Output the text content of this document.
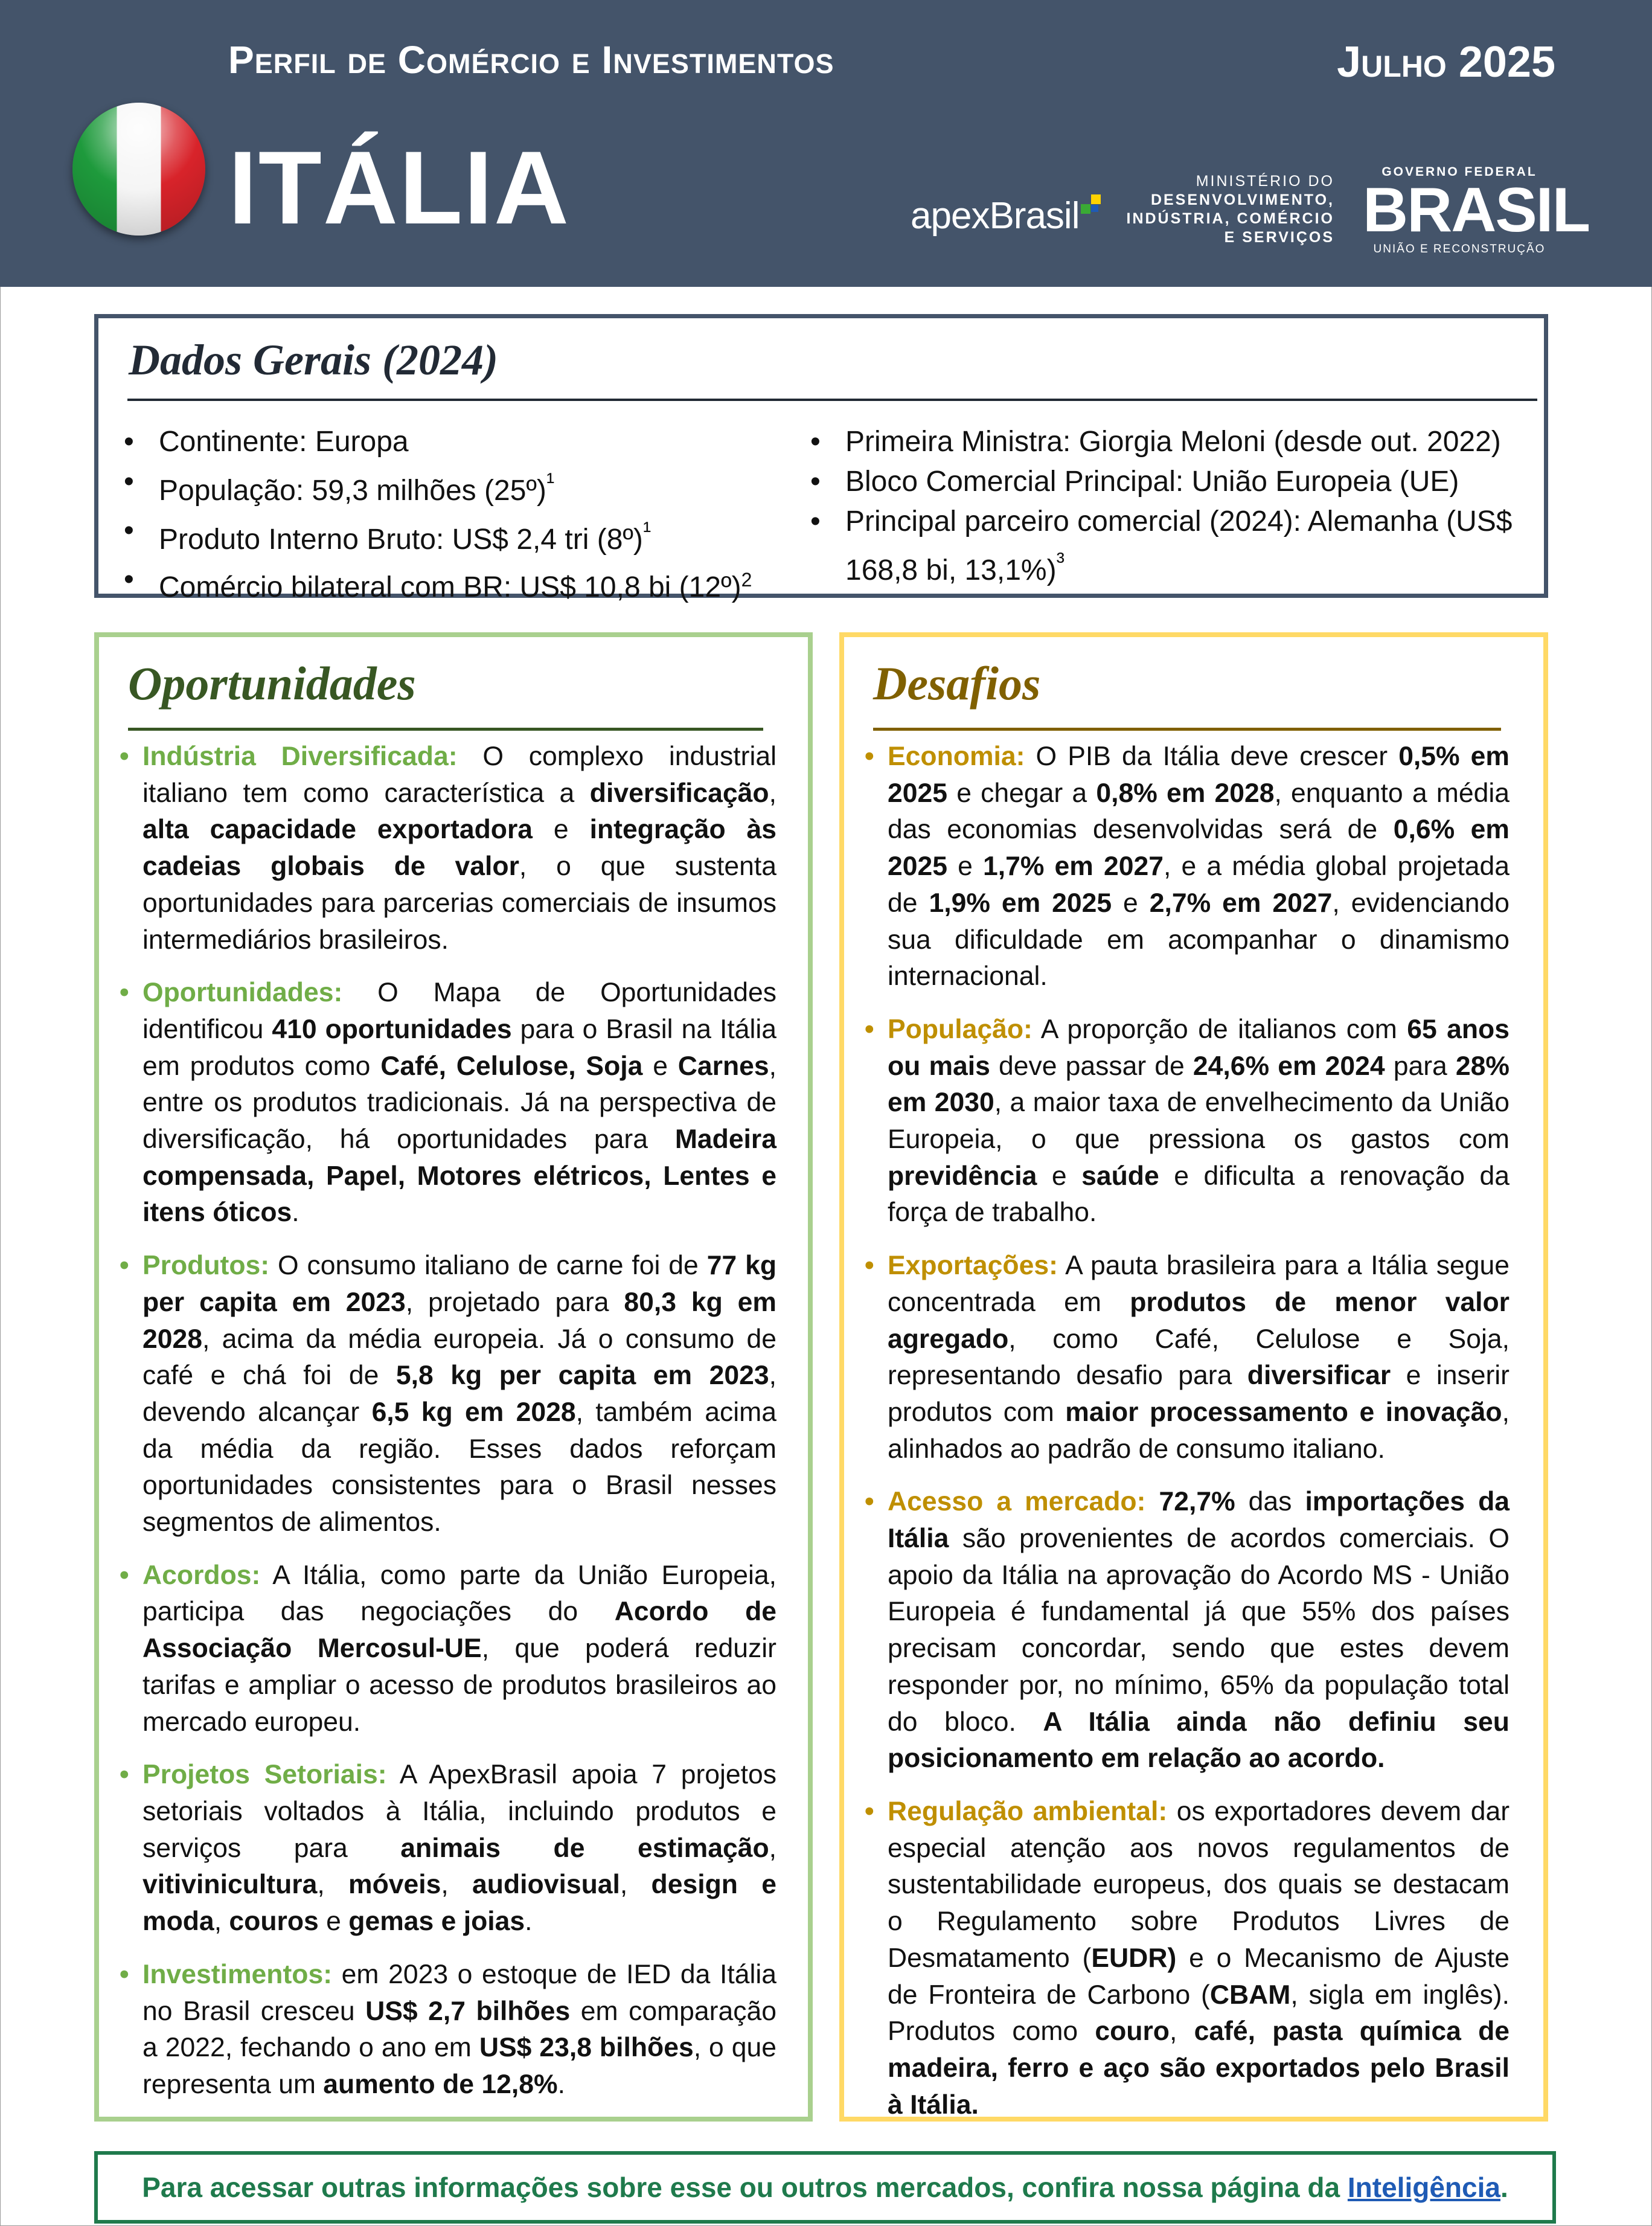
Perfil de Comércio e Investimentos	Julho 2025
ITÁLIA	apexBrasil
MINISTÉRIO DO
DESENVOLVIMENTO,
INDÚSTRIA, COMÉRCIO
E SERVIÇOS
GOVERNO FEDERAL
BRASIL
UNIÃO E RECONSTRUÇÃO
Dados Gerais (2024)
• Continente: Europa
• População: 59,3 milhões (25º)$^{^1}$
• Produto Interno Bruto: US$ 2,4 tri (8º)$^{^1}$
• Comércio bilateral com BR: US$ 10,8 bi (12º)$^2$
• Primeira Ministra: Giorgia Meloni (desde out. 2022)
• Bloco Comercial Principal: União Europeia (UE)
• Principal parceiro comercial (2024): Alemanha (US$ 168,8 bi, 13,1%)$^{^3}$
Oportunidades
• Indústria Diversificada: O complexo industrial italiano tem como característica a diversificação, alta capacidade exportadora e integração às cadeias globais de valor, o que sustenta oportunidades para parcerias comerciais de insumos intermediários brasileiros.
• Oportunidades: O Mapa de Oportunidades identificou 410 oportunidades para o Brasil na Itália em produtos como Café, Celulose, Soja e Carnes, entre os produtos tradicionais. Já na perspectiva de diversificação, há oportunidades para Madeira compensada, Papel, Motores elétricos, Lentes e itens óticos.
• Produtos: O consumo italiano de carne foi de 77 kg per capita em 2023, projetado para 80,3 kg em 2028, acima da média europeia. Já o consumo de café e chá foi de 5,8 kg per capita em 2023, devendo alcançar 6,5 kg em 2028, também acima da média da região. Esses dados reforçam oportunidades consistentes para o Brasil nesses segmentos de alimentos.
• Acordos: A Itália, como parte da União Europeia, participa das negociações do Acordo de Associação Mercosul-UE, que poderá reduzir tarifas e ampliar o acesso de produtos brasileiros ao mercado europeu.
• Projetos Setoriais: A ApexBrasil apoia 7 projetos setoriais voltados à Itália, incluindo produtos e serviços para animais de estimação, vitivinicultura, móveis, audiovisual, design e moda, couros e gemas e joias.
• Investimentos: em 2023 o estoque de IED da Itália no Brasil cresceu US$ 2,7 bilhões em comparação a 2022, fechando o ano em US$ 23,8 bilhões, o que representa um aumento de 12,8%.
Desafios
• Economia: O PIB da Itália deve crescer 0,5% em 2025 e chegar a 0,8% em 2028, enquanto a média das economias desenvolvidas será de 0,6% em 2025 e 1,7% em 2027, e a média global projetada de 1,9% em 2025 e 2,7% em 2027, evidenciando sua dificuldade em acompanhar o dinamismo internacional.
• População: A proporção de italianos com 65 anos ou mais deve passar de 24,6% em 2024 para 28% em 2030, a maior taxa de envelhecimento da União Europeia, o que pressiona os gastos com previdência e saúde e dificulta a renovação da força de trabalho.
• Exportações: A pauta brasileira para a Itália segue concentrada em produtos de menor valor agregado, como Café, Celulose e Soja, representando desafio para diversificar e inserir produtos com maior processamento e inovação, alinhados ao padrão de consumo italiano.
• Acesso a mercado: 72,7% das importações da Itália são provenientes de acordos comerciais. O apoio da Itália na aprovação do Acordo MS - União Europeia é fundamental já que 55% dos países precisam concordar, sendo que estes devem responder por, no mínimo, 65% da população total do bloco. A Itália ainda não definiu seu posicionamento em relação ao acordo.
• Regulação ambiental: os exportadores devem dar especial atenção aos novos regulamentos de sustentabilidade europeus, dos quais se destacam o Regulamento sobre Produtos Livres de Desmatamento (EUDR) e o Mecanismo de Ajuste de Fronteira de Carbono (CBAM, sigla em inglês). Produtos como couro, café, pasta química de madeira, ferro e aço são exportados pelo Brasil à Itália.
Para acessar outras informações sobre esse ou outros mercados, confira nossa página da Inteligência.
